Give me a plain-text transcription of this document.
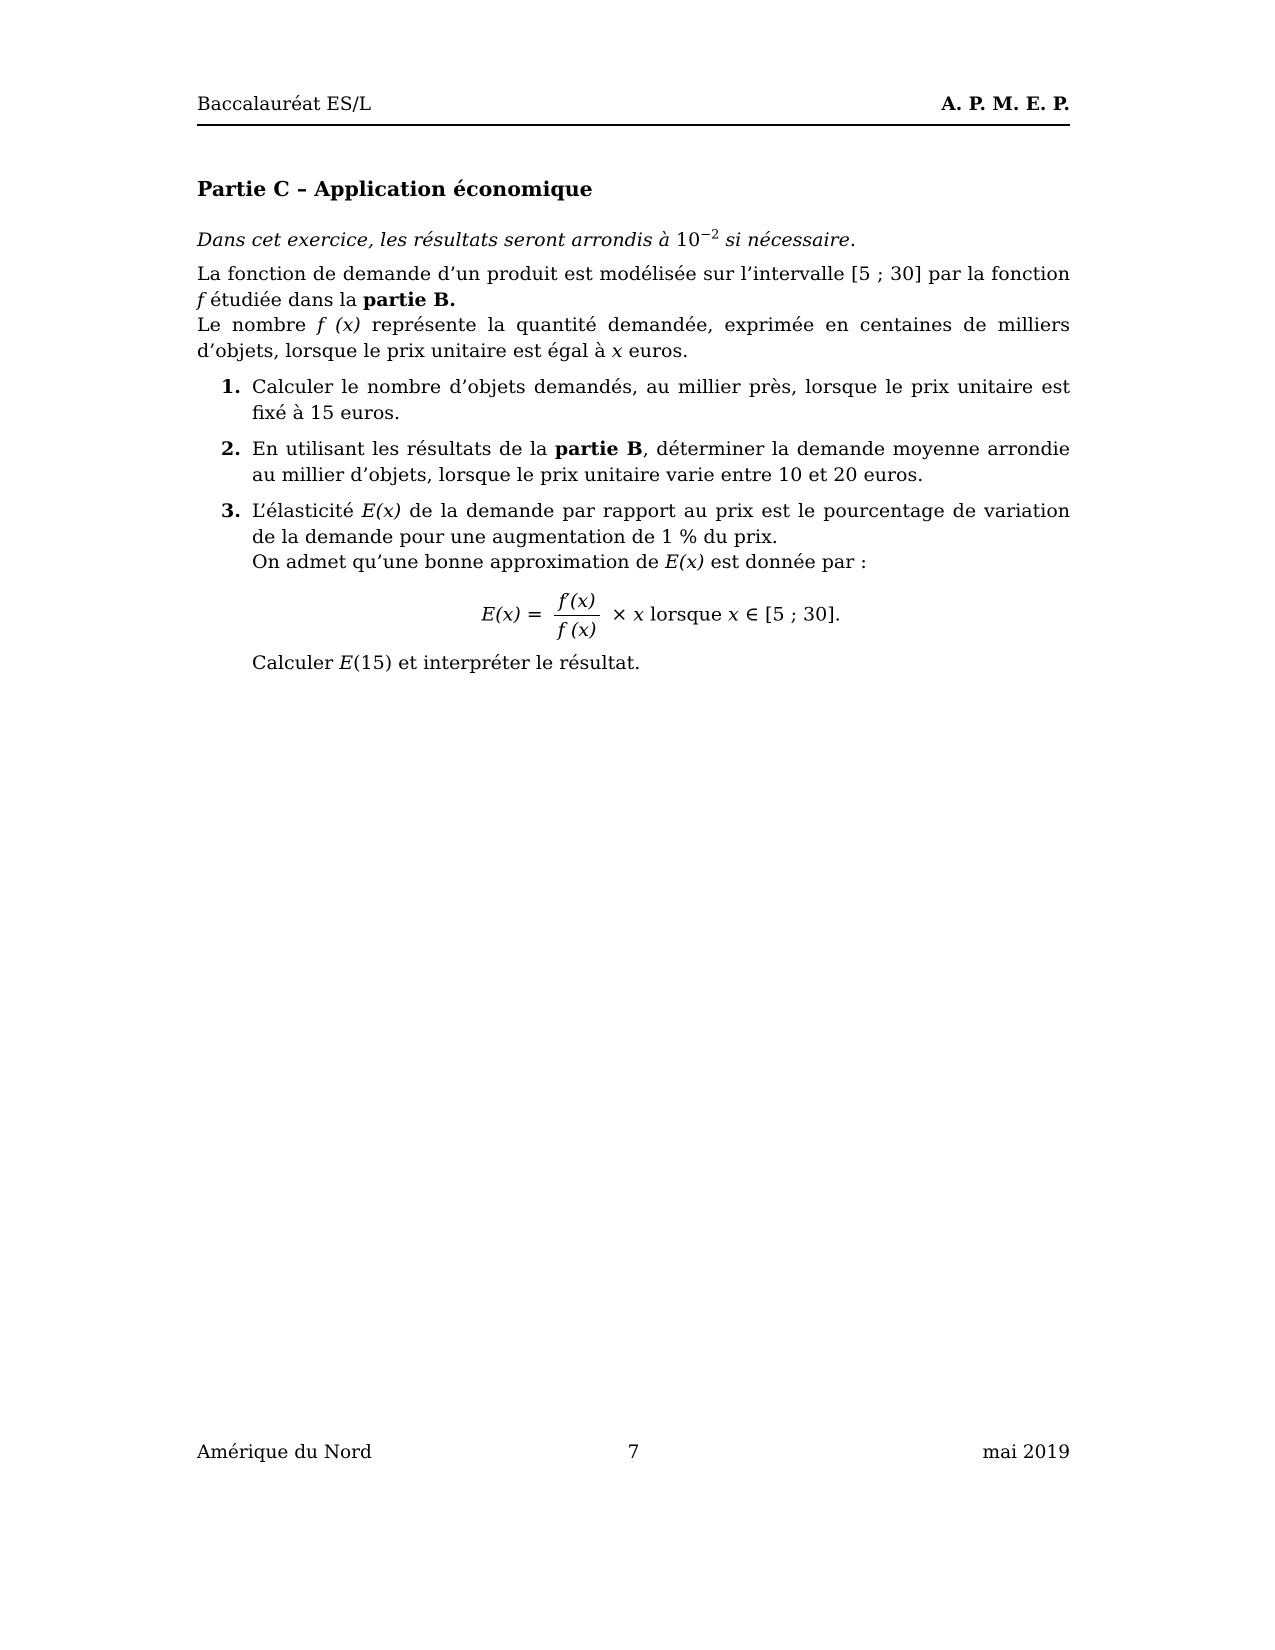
Baccalauréat ES/L	A. P. M. E. P.
Partie C – Application économique

Dans cet exercice, les résultats seront arrondis à $10^{-2}$ si nécessaire.

La fonction de demande d’un produit est modélisée sur l’intervalle [5 ; 30] par la fonction f étudiée dans la partie B.

Le nombre f (x) représente la quantité demandée, exprimée en centaines de milliers d’objets, lorsque le prix unitaire est égal à x euros.

1. Calculer le nombre d’objets demandés, au millier près, lorsque le prix unitaire est fixé à 15 euros.
2. En utilisant les résultats de la partie B, déterminer la demande moyenne arrondie au millier d’objets, lorsque le prix unitaire varie entre 10 et 20 euros.
3. L’élasticité E(x) de la demande par rapport au prix est le pourcentage de variation de la demande pour une augmentation de 1 % du prix.

On admet qu’une bonne approximation de E(x) est donnée par :

$E(x) = \frac{f'(x)}{f (x)} \times x$ lorsque x ∈ [5 ; 30].

Calculer E(15) et interpréter le résultat.

Amérique du Nord	7	mai 2019
